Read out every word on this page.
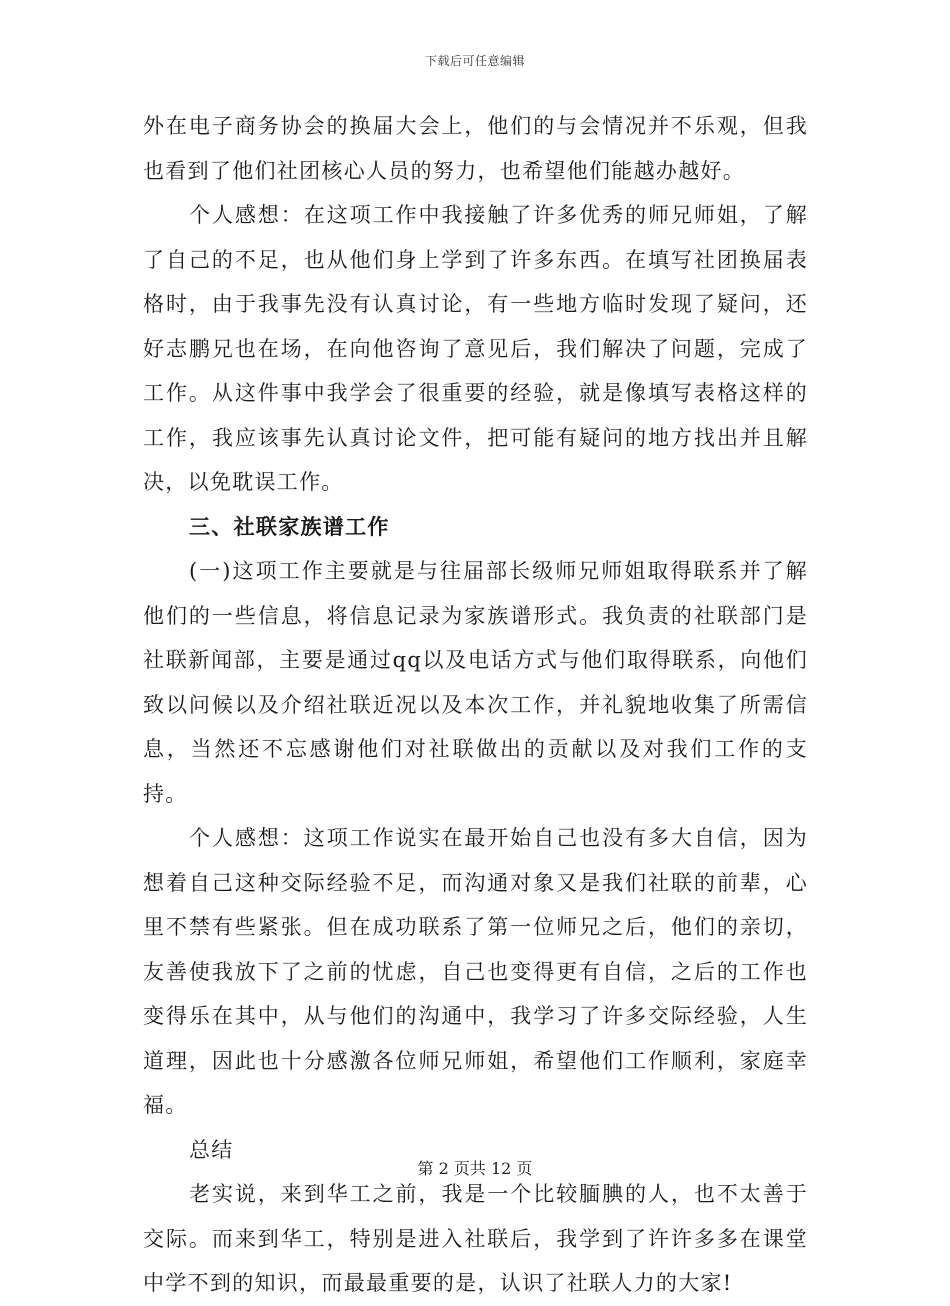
下载后可任意编辑

外在电子商务协会的换届大会上，他们的与会情况并不乐观，但我也看到了他们社团核心人员的努力，也希望他们能越办越好。

个人感想：在这项工作中我接触了许多优秀的师兄师姐，了解了自己的不足，也从他们身上学到了许多东西。在填写社团换届表格时，由于我事先没有认真讨论，有一些地方临时发现了疑问，还好志鹏兄也在场，在向他咨询了意见后，我们解决了问题，完成了工作。从这件事中我学会了很重要的经验，就是像填写表格这样的工作，我应该事先认真讨论文件，把可能有疑问的地方找出并且解决，以免耽误工作。

三、社联家族谱工作

(一)这项工作主要就是与往届部长级师兄师姐取得联系并了解他们的一些信息，将信息记录为家族谱形式。我负责的社联部门是社联新闻部，主要是通过qq以及电话方式与他们取得联系，向他们致以问候以及介绍社联近况以及本次工作，并礼貌地收集了所需信息，当然还不忘感谢他们对社联做出的贡献以及对我们工作的支持。

个人感想：这项工作说实在最开始自己也没有多大自信，因为想着自己这种交际经验不足，而沟通对象又是我们社联的前辈，心里不禁有些紧张。但在成功联系了第一位师兄之后，他们的亲切，友善使我放下了之前的忧虑，自己也变得更有自信，之后的工作也变得乐在其中，从与他们的沟通中，我学习了许多交际经验，人生道理，因此也十分感激各位师兄师姐，希望他们工作顺利，家庭幸福。

总结

老实说，来到华工之前，我是一个比较腼腆的人，也不太善于交际。而来到华工，特别是进入社联后，我学到了许许多多在课堂中学不到的知识，而最最重要的是，认识了社联人力的大家!

第 2 页共 12 页
